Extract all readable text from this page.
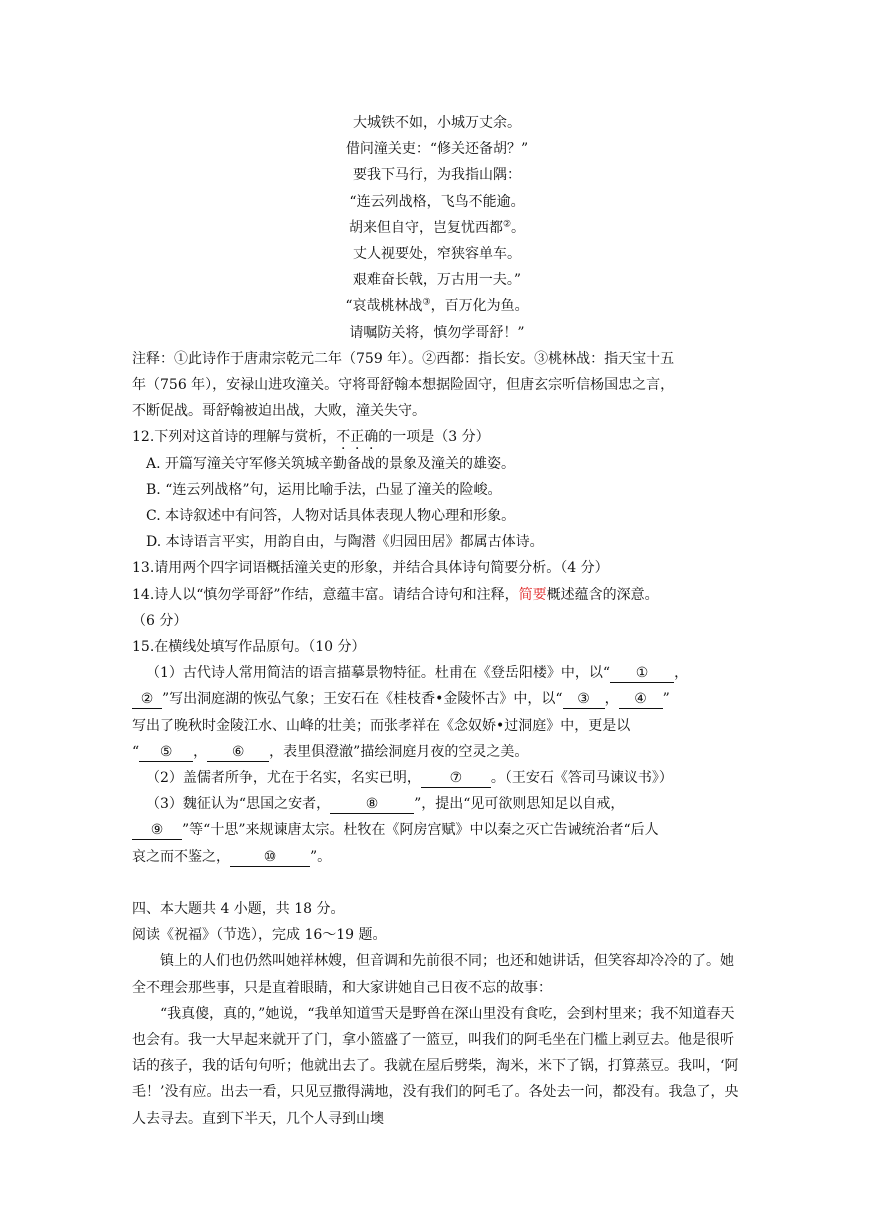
大城铁不如，小城万丈余。
借问潼关吏：“修关还备胡？”
要我下马行，为我指山隅：
“连云列战格，飞鸟不能逾。
胡来但自守，岂复忧西都②。
丈人视要处，窄狭容单车。
艰难奋长戟，万古用一夫。”
“哀哉桃林战③，百万化为鱼。
请嘱防关将，慎勿学哥舒！”

注释：①此诗作于唐肃宗乾元二年（759 年）。②西都：指长安。③桃林战：指天宝十五

年（756 年），安禄山进攻潼关。守将哥舒翰本想据险固守，但唐玄宗听信杨国忠之言，

不断促战。哥舒翰被迫出战，大败，潼关失守。

12.下列对这首诗的理解与赏析，不正确的一项是（3 分）

A. 开篇写潼关守军修关筑城辛勤备战的景象及潼关的雄姿。

B. “连云列战格”句，运用比喻手法，凸显了潼关的险峻。

C. 本诗叙述中有问答，人物对话具体表现人物心理和形象。

D. 本诗语言平实，用韵自由，与陶潜《归园田居》都属古体诗。

13.请用两个四字词语概括潼关吏的形象，并结合具体诗句简要分析。（4 分）

14.诗人以“慎勿学哥舒”作结，意蕴丰富。请结合诗句和注释，简要概述蕴含的深意。

（6 分）

15.在横线处填写作品原句。（10 分）

（1）古代诗人常用简洁的语言描摹景物特征。杜甫在《登岳阳楼》中，以“ ① ，

② ”写出洞庭湖的恢弘气象；王安石在《桂枝香•金陵怀古》中，以“ ③ ， ④ ”

写出了晚秋时金陵江水、山峰的壮美；而张孝祥在《念奴娇•过洞庭》中，更是以

“ ⑤ ， ⑥ ，表里俱澄澈”描绘洞庭月夜的空灵之美。

（2）盖儒者所争，尤在于名实，名实已明， ⑦ 。（王安石《答司马谏议书》）

（3）魏征认为“思国之安者，	⑧	”，提出“见可欲则思知足以自戒，

⑨ ”等“十思”来规谏唐太宗。杜牧在《阿房宫赋》中以秦之灭亡告诫统治者“后人

哀之而不鉴之， ⑩ ”。

四、本大题共 4 小题，共 18 分。

阅读《祝福》（节选），完成 16～19 题。

镇上的人们也仍然叫她祥林嫂，但音调和先前很不同；也还和她讲话，但笑容却冷冷的了。她全不理会那些事，只是直着眼睛，和大家讲她自己日夜不忘的故事：

“我真傻，真的，”她说，“我单知道雪天是野兽在深山里没有食吃，会到村里来；我不知道春天也会有。我一大早起来就开了门，拿小篮盛了一篮豆，叫我们的阿毛坐在门槛上剥豆去。他是很听话的孩子，我的话句句听；他就出去了。我就在屋后劈柴，淘米，米下了锅，打算蒸豆。我叫，‘阿毛！’没有应。出去一看，只见豆撒得满地，没有我们的阿毛了。各处去一问，都没有。我急了，央人去寻去。直到下半天，几个人寻到山墺
